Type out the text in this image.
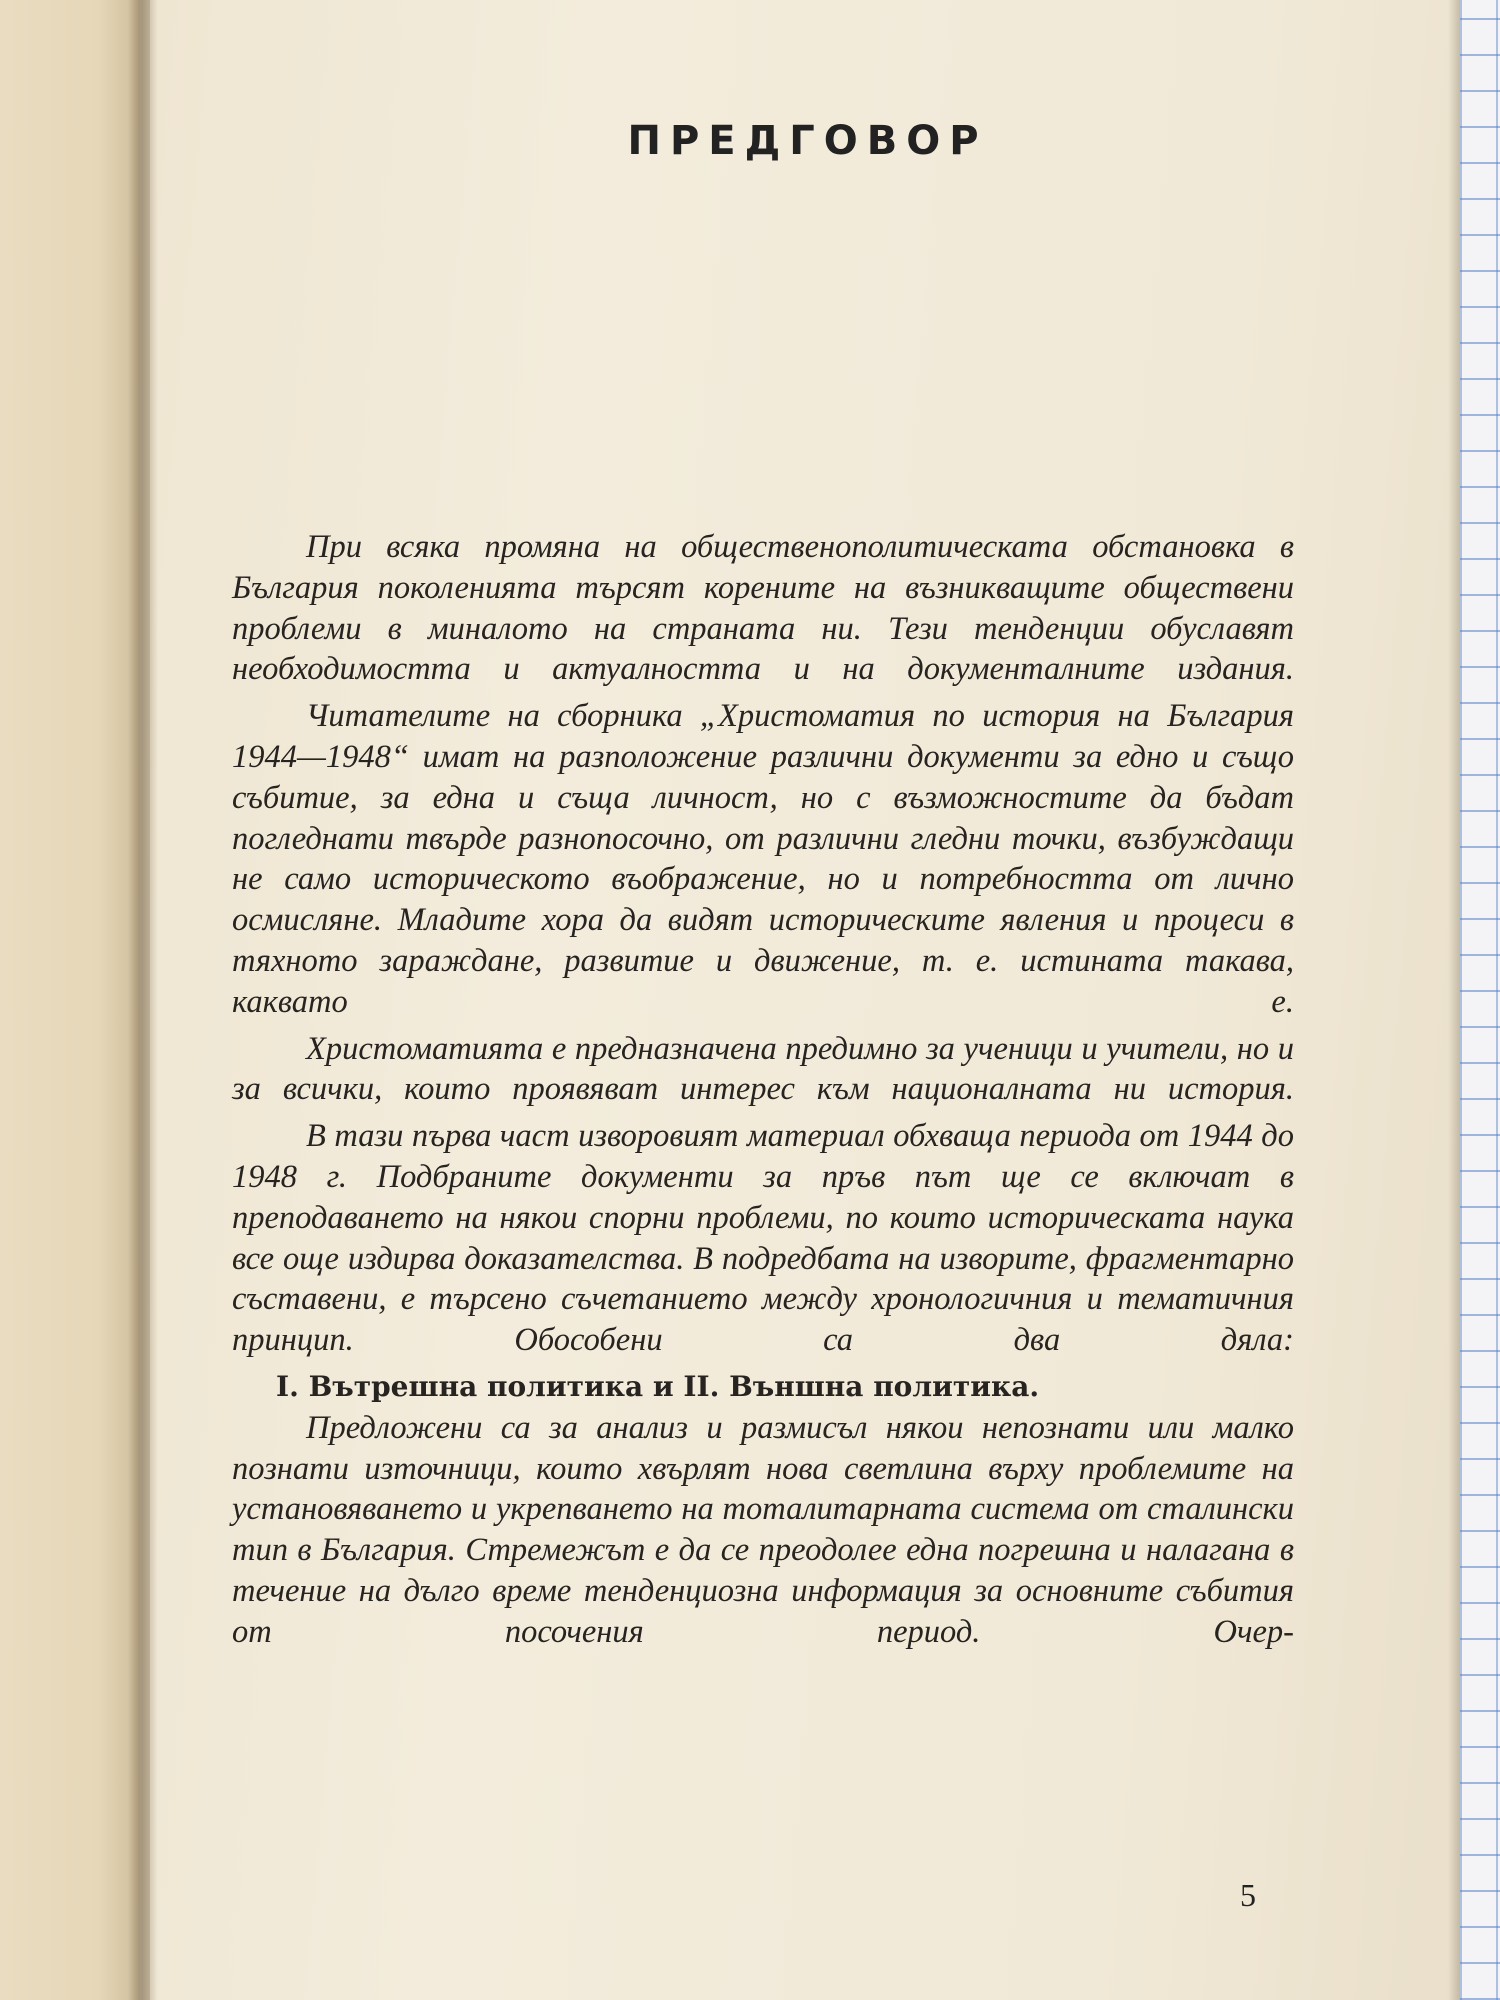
ПРЕДГОВОР

При всяка промяна на общественополитическата обстановка в България поколенията търсят корените на възникващите обществени проблеми в миналото на страната ни. Тези тенденции обуславят необходимостта и актуалността и на документалните издания.

Читателите на сборника „Христоматия по история на България 1944—1948“ имат на разположение различни документи за едно и също събитие, за една и съща личност, но с възможностите да бъдат погледнати твърде разнопосочно, от различни гледни точки, възбуждащи не само историческото въображение, но и потребността от лично осмисляне. Младите хора да видят историческите явления и процеси в тяхното зараждане, развитие и движение, т. е. истината такава, каквато е.

Христоматията е предназначена предимно за ученици и учители, но и за всички, които проявяват интерес към националната ни история.

В тази първа част изворовият материал обхваща периода от 1944 до 1948 г. Подбраните документи за пръв път ще се включат в преподаването на някои спорни проблеми, по които историческата наука все още издирва доказателства. В подредбата на изворите, фрагментарно съставени, е търсено съчетанието между хронологичния и тематичния принцип. Обособени са два дяла:

I. Вътрешна политика и II. Външна политика.

Предложени са за анализ и размисъл някои непознати или малко познати източници, които хвърлят нова светлина върху проблемите на установяването и укрепването на тоталитарната система от сталински тип в България. Стремежът е да се преодолее една погрешна и налагана в течение на дълго време тенденциозна информация за основните събития от посочения период. Очер-

5
